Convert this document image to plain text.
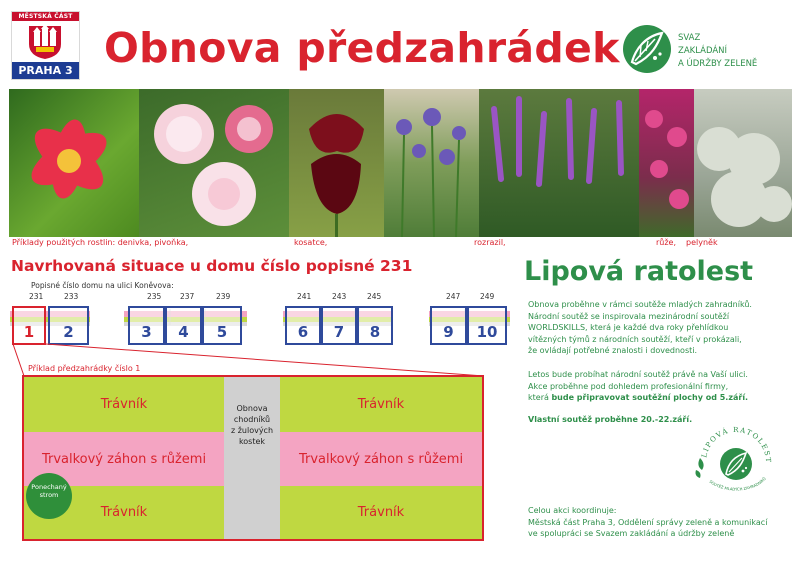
MĚSTSKÁ ČÁST
PRAHA 3 Obnova předzahrádek	SVAZ
ZAKLÁDÁNÍ
A ÚDRŽBY ZELENĚ
Příklady použitých rostlin: denivka, pivoňka,	kosatce,	rozrazil,	růže, pelyněk
Navrhovaná situace u domu číslo popisné 231
Popisné číslo domu na ulici Koněvova:
231	233	235 237	239	241	243	245	247	249
1	2	3	4	5	6	7	8	9	10
Příklad předzahrádky číslo 1
Trávník
Trvalkový záhon s růžemi
Trávník
Trávník
Trvalkový záhon s růžemi
Trávník
Obnova
chodníků
z žulových
kostek
Ponechaný
strom
Lipová ratolest
Obnova proběhne v rámci soutěže mladých zahradníků.
Národní soutěž se inspirovala mezinárodní soutěží
WORLDSKILLS, která je každé dva roky přehlídkou
vítězných týmů z národních soutěží, kteří v prokázali,
že ovládají potřebné znalosti i dovednosti.
Letos bude probíhat národní soutěž právě na Vaší ulici.
Akce proběhne pod dohledem profesionální firmy,
která bude připravovat soutěžní plochy od 5.září.
Vlastní soutěž proběhne 20.-22.září.
LIPOVÁ RATOLEST
SOUTĚŽ MLADÝCH ZAHRADNÍKŮ
Celou akci koordinuje:
Městská část Praha 3, Oddělení správy zeleně a komunikací
ve spolupráci se Svazem zakládání a údržby zeleně
